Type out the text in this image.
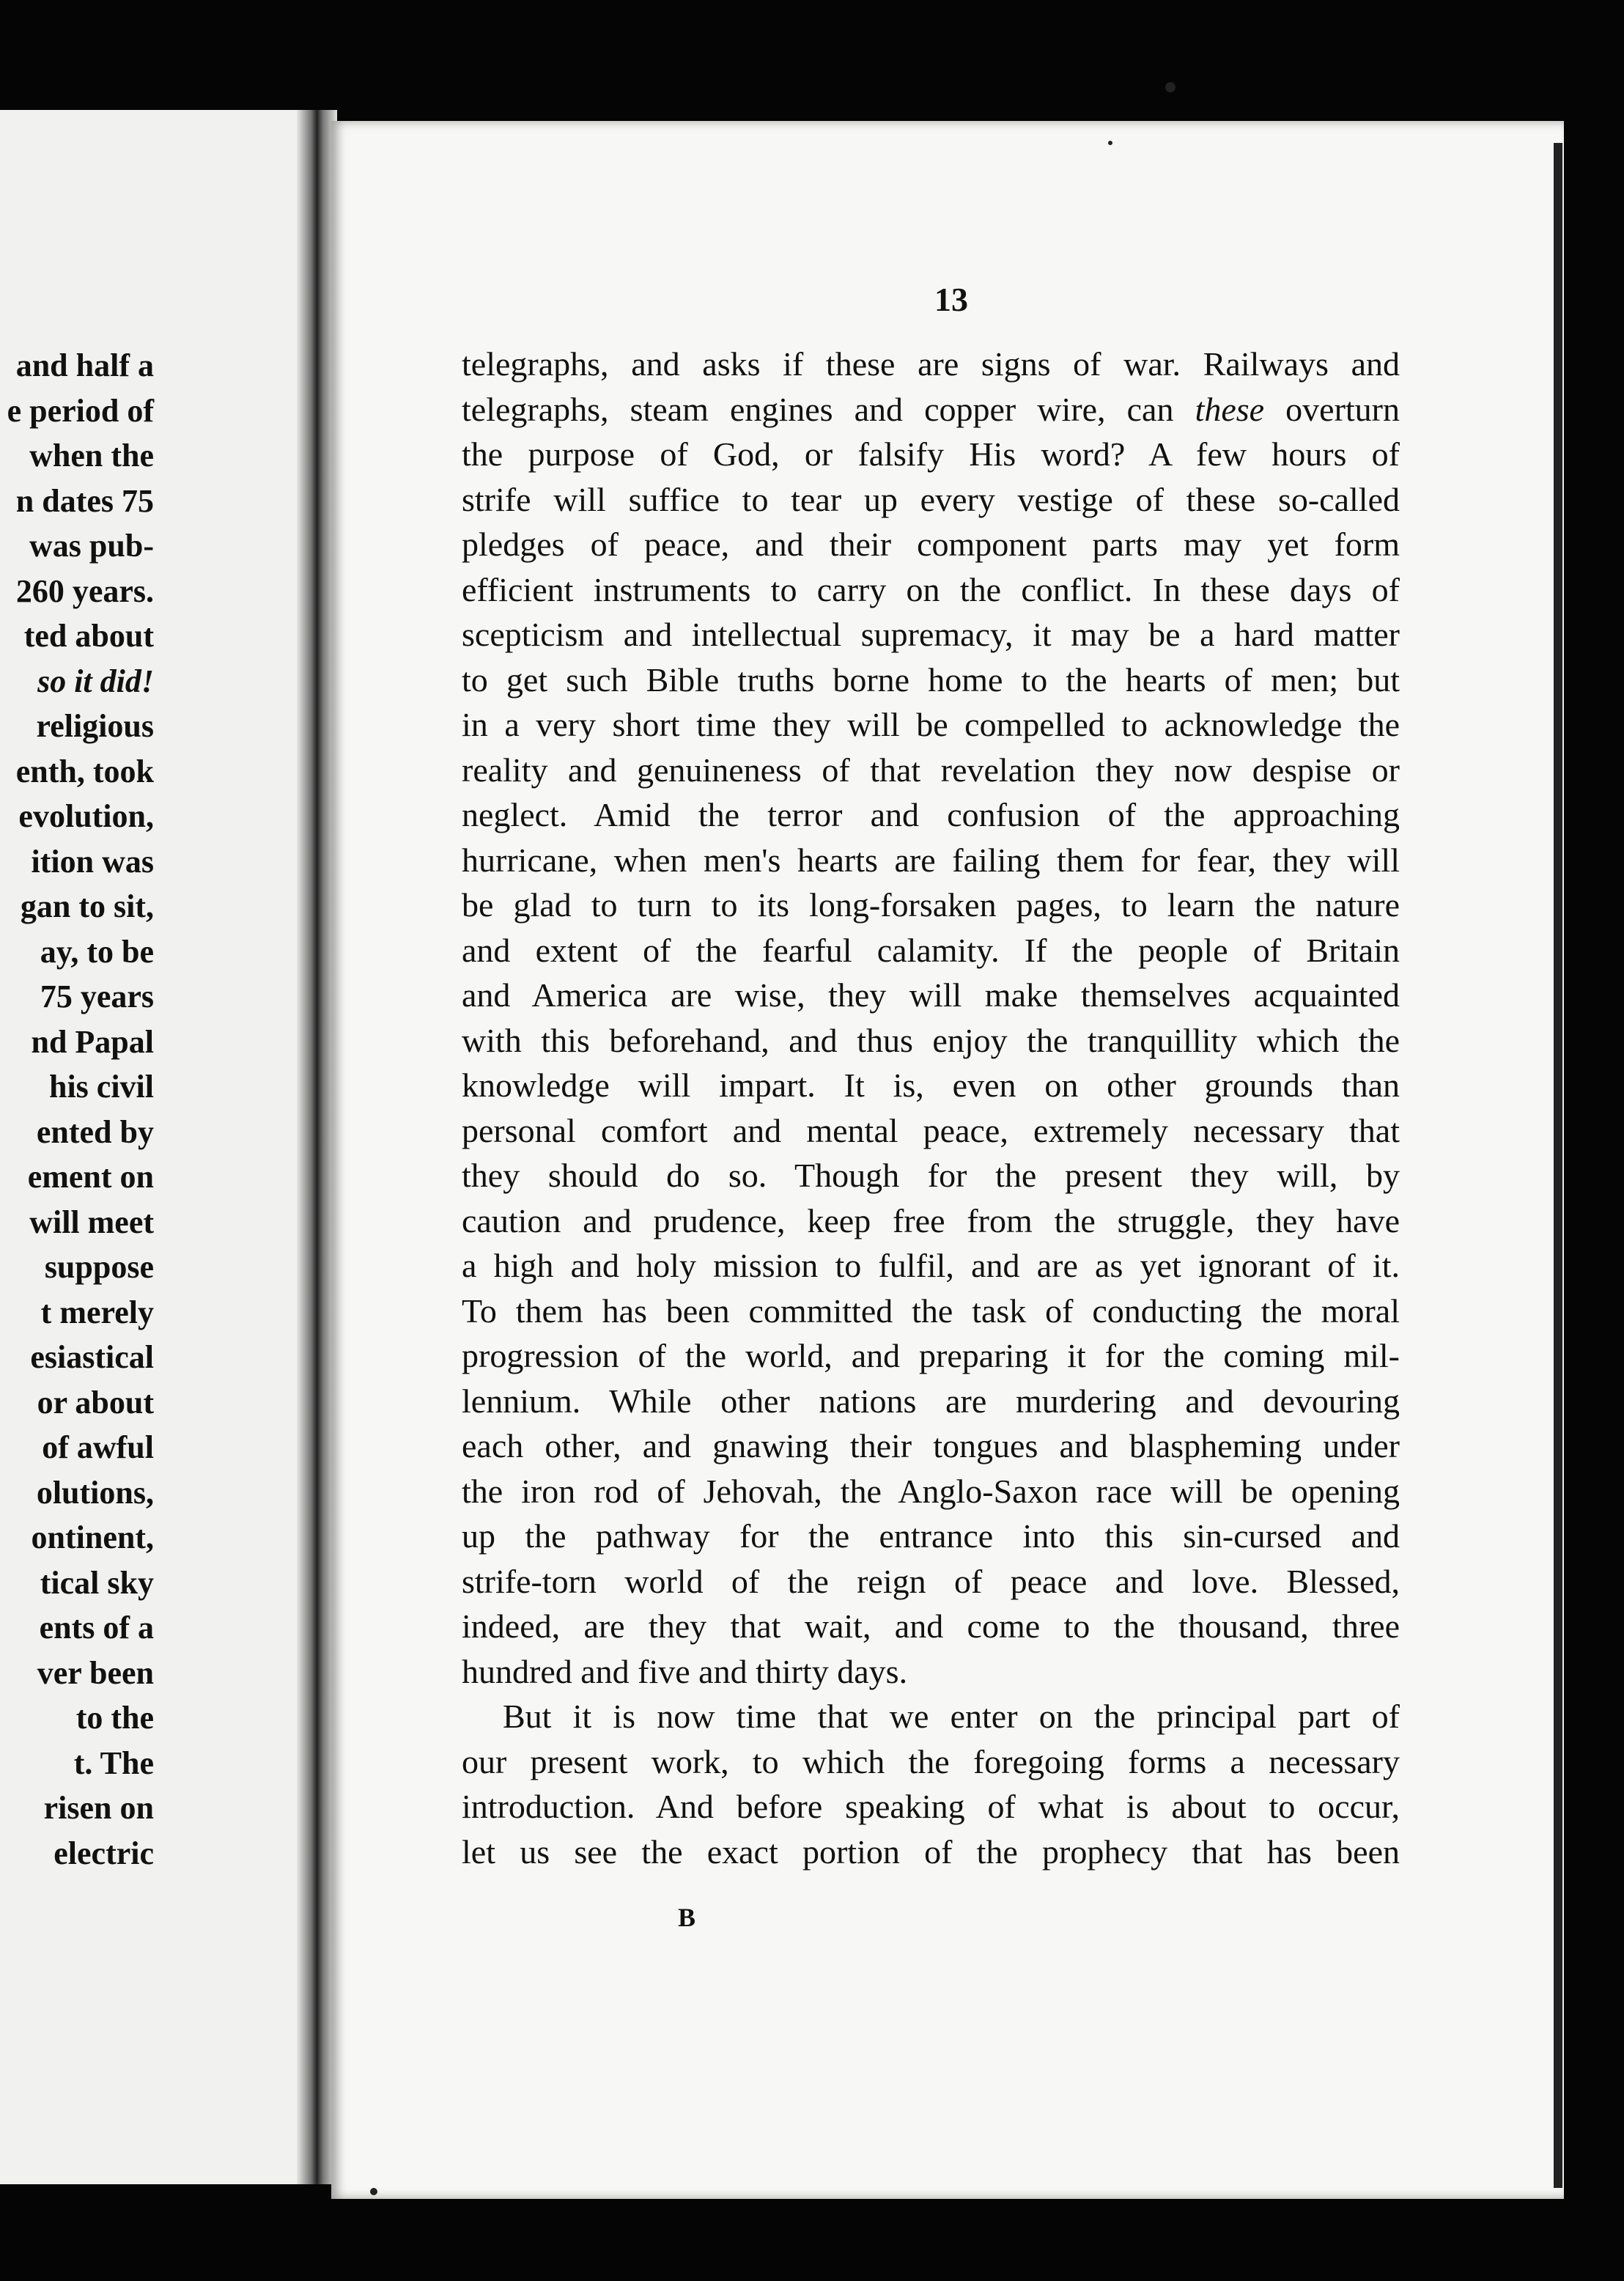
and half a
e period of
when the
n dates 75
was pub-
260 years.
ted about
so it did!
religious
enth, took
evolution,
ition was
gan to sit,
ay, to be
75 years
nd Papal
his civil
ented by
ement on
will meet
suppose
t merely
esiastical
or about
of awful
olutions,
ontinent,
tical sky
ents of a
ver been
to the
t. The
risen on
electric
13
telegraphs, and asks if these are signs of war. Railways and
telegraphs, steam engines and copper wire, can these overturn
the purpose of God, or falsify His word? A few hours of
strife will suffice to tear up every vestige of these so-called
pledges of peace, and their component parts may yet form
efficient instruments to carry on the conflict. In these days of
scepticism and intellectual supremacy, it may be a hard matter
to get such Bible truths borne home to the hearts of men; but
in a very short time they will be compelled to acknowledge the
reality and genuineness of that revelation they now despise or
neglect. Amid the terror and confusion of the approaching
hurricane, when men's hearts are failing them for fear, they will
be glad to turn to its long-forsaken pages, to learn the nature
and extent of the fearful calamity. If the people of Britain
and America are wise, they will make themselves acquainted
with this beforehand, and thus enjoy the tranquillity which the
knowledge will impart. It is, even on other grounds than
personal comfort and mental peace, extremely necessary that
they should do so. Though for the present they will, by
caution and prudence, keep free from the struggle, they have
a high and holy mission to fulfil, and are as yet ignorant of it.
To them has been committed the task of conducting the moral
progression of the world, and preparing it for the coming mil-
lennium. While other nations are murdering and devouring
each other, and gnawing their tongues and blaspheming under
the iron rod of Jehovah, the Anglo-Saxon race will be opening
up the pathway for the entrance into this sin-cursed and
strife-torn world of the reign of peace and love. Blessed,
indeed, are they that wait, and come to the thousand, three
hundred and five and thirty days.
But it is now time that we enter on the principal part of
our present work, to which the foregoing forms a necessary
introduction. And before speaking of what is about to occur,
let us see the exact portion of the prophecy that has been
B
